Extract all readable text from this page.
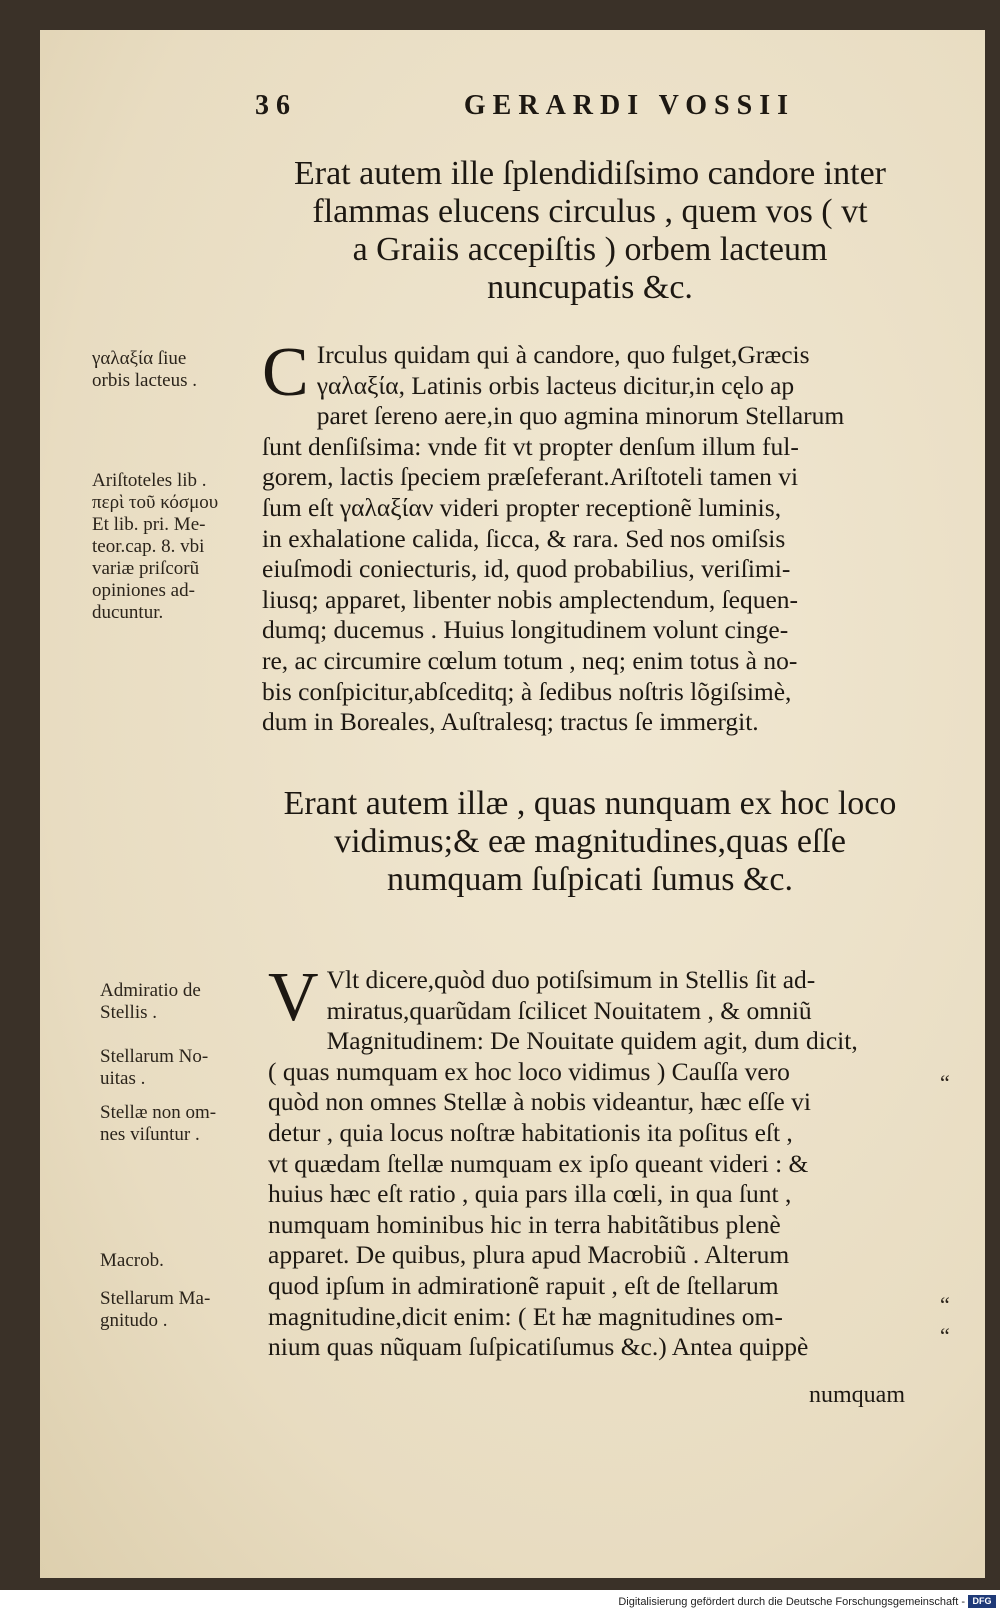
36	GERARDI VOSSII
Erat autem ille ſplendidiſsimo candore inter
flammas elucens circulus , quem vos ( vt
a Graiis accepiſtis ) orbem lacteum
nuncupatis &c.
γαλαξία ſiue
orbis lacteus .
Ariſtoteles lib .
περὶ τοῦ κόσμου
Et lib. pri. Me-
teor.cap. 8. vbi
variæ priſcorũ
opiniones ad-
ducuntur.
C Irculus quidam qui à candore, quo fulget,Græcis
γαλαξία, Latinis orbis lacteus dicitur,in cęlo ap
paret ſereno aere,in quo agmina minorum Stellarum
ſunt denſiſsima: vnde fit vt propter denſum illum ful-
gorem, lactis ſpeciem præſeferant.Ariſtoteli tamen vi
ſum eſt γαλαξίαν videri propter receptionẽ luminis,
in exhalatione calida, ſicca, & rara. Sed nos omiſsis
eiuſmodi coniecturis, id, quod probabilius, veriſimi-
liusq; apparet, libenter nobis amplectendum, ſequen-
dumq; ducemus . Huius longitudinem volunt cinge-
re, ac circumire cœlum totum , neq; enim totus à no-
bis conſpicitur,abſceditq; à ſedibus noſtris lõgiſsimè,
dum in Boreales, Auſtralesq; tractus ſe immergit.
Erant autem illæ , quas nunquam ex hoc loco
vidimus;& eæ magnitudines,quas eſſe
numquam ſuſpicati ſumus &c.
Admiratio de
Stellis .
Stellarum No-
uitas .
Stellæ non om-
nes viſuntur .
Macrob.
Stellarum Ma-
gnitudo .
V Vlt dicere,quòd duo potiſsimum in Stellis ſit ad-
miratus,quarũdam ſcilicet Nouitatem , & omniũ
Magnitudinem: De Nouitate quidem agit, dum dicit,
( quas numquam ex hoc loco vidimus ) Cauſſa vero
quòd non omnes Stellæ à nobis videantur, hæc eſſe vi
detur , quia locus noſtræ habitationis ita poſitus eſt ,
vt quædam ſtellæ numquam ex ipſo queant videri : &
huius hæc eſt ratio , quia pars illa cœli, in qua ſunt ,
numquam hominibus hic in terra habitãtibus plenè
apparet. De quibus, plura apud Macrobiũ . Alterum
quod ipſum in admirationẽ rapuit , eſt de ſtellarum
magnitudine,dicit enim: ( Et hæ magnitudines om-
nium quas nũquam ſuſpicatiſumus &c.) Antea quippè
“
“
“
numquam
Digitalisierung gefördert durch die Deutsche Forschungsgemeinschaft - DFG
